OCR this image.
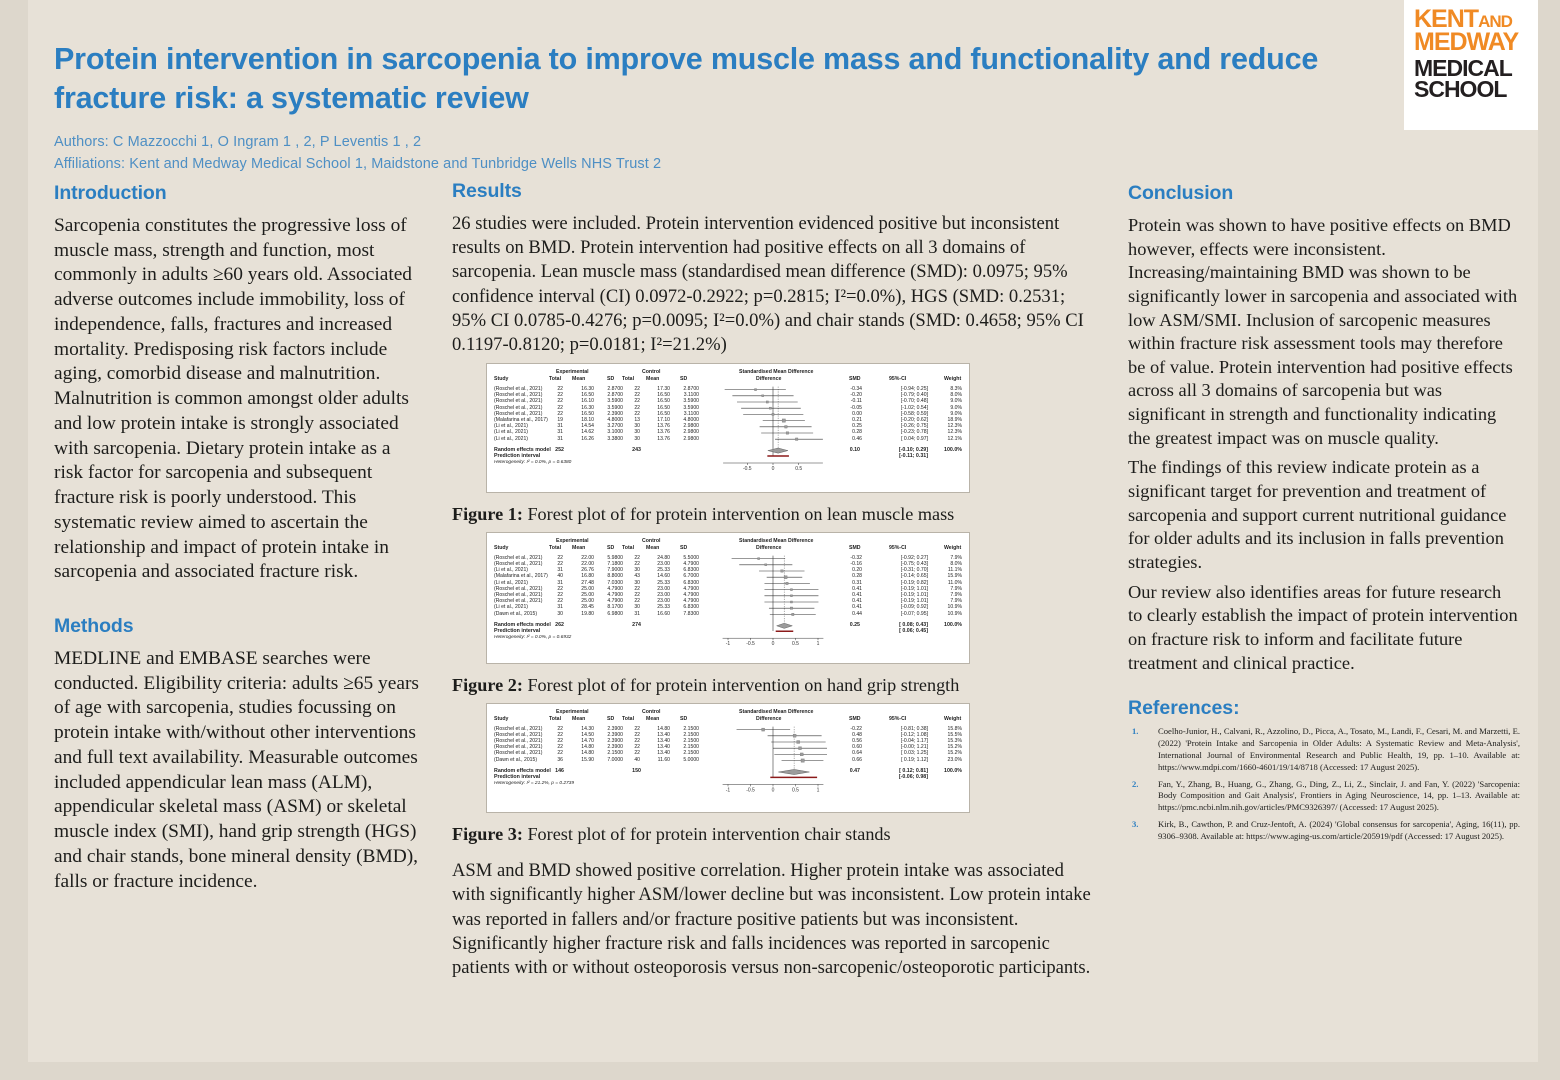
Protein intervention in sarcopenia to improve muscle mass and functionality and reduce fracture risk: a systematic review
Authors: C Mazzocchi 1, O Ingram 1 , 2, P Leventis 1 , 2
Affiliations: Kent and Medway Medical School 1, Maidstone and Tunbridge Wells NHS Trust 2
KENTAND
MEDWAY
MEDICAL
SCHOOL
Introduction

Sarcopenia constitutes the progressive loss of muscle mass, strength and function, most commonly in adults ≥60 years old. Associated adverse outcomes include immobility, loss of independence, falls, fractures and increased mortality. Predisposing risk factors include aging, comorbid disease and malnutrition. Malnutrition is common amongst older adults and low protein intake is strongly associated with sarcopenia. Dietary protein intake as a risk factor for sarcopenia and subsequent fracture risk is poorly understood. This systematic review aimed to ascertain the relationship and impact of protein intake in sarcopenia and associated fracture risk.

Methods

MEDLINE and EMBASE searches were conducted. Eligibility criteria: adults ≥65 years of age with sarcopenia, studies focussing on protein intake with/without other interventions and full text availability. Measurable outcomes included appendicular lean mass (ALM), appendicular skeletal mass (ASM) or skeletal muscle index (SMI), hand grip strength (HGS) and chair stands, bone mineral density (BMD), falls or fracture incidence.

Results

26 studies were included. Protein intervention evidenced positive but inconsistent results on BMD. Protein intervention had positive effects on all 3 domains of sarcopenia. Lean muscle mass (standardised mean difference (SMD): 0.0975; 95% confidence interval (CI) 0.0972-0.2922; p=0.2815; I²=0.0%), HGS (SMD: 0.2531; 95% CI 0.0785-0.4276; p=0.0095; I²=0.0%) and chair stands (SMD: 0.4658; 95% CI 0.1197-0.8120; p=0.0181; I²=21.2%)

Experimental	Control	Standardised Mean Difference
Study	Total Mean	SD Total Mean	SD	Difference	SMD	95%-CI	Weight
(Roschel et al., 2021)	22	16.30	2.8700	22	17.30	2.8700	-0.34	[-0.94; 0.25]	8.3%
(Roschel et al., 2021)	22	16.50	2.8700	22	16.50	3.1100	-0.20	[-0.79; 0.40]	8.0%
(Roschel et al., 2021)	22	16.10	3.5900	22	16.50	3.5900	-0.11	[-0.70; 0.48]	9.0%
(Roschel et al., 2021)	22	16.30	3.5900	22	16.50	3.5900	-0.05	[-1.02; 0.54]	9.0%
(Roschel et al., 2021)	22	16.50	2.3900	22	16.50	3.1100	0.00	[-0.58; 0.59]	9.0%
(Malafarina et al., 2017)	19	18.10	4.8000	13	17.10	4.8000	0.21	[-0.20; 0.62]	18.9%
(Li et al., 2021)	31	14.54	3.2700	30	13.76	2.9800	0.25	[-0.26; 0.75]	12.3%
(Li et al., 2021)	31	14.62	3.1000	30	13.76	2.9800	0.28	[-0.23; 0.78]	12.3%
(Li et al., 2021)	31	16.26	3.3800	30	13.76	2.9800	0.46	[ 0.04; 0.97]	12.1%
Random effects model 252	243	0.10	[-0.10; 0.29]	100.0%
Prediction interval	[-0.11; 0.31]
Heterogeneity: I² = 0.0%, p = 0.6380
-0.5	0	0.5

Figure 1: Forest plot of for protein intervention on lean muscle mass

Experimental	Control	Standardised Mean Difference
Study	Total Mean	SD Total Mean	SD	Difference	SMD	95%-CI	Weight
(Roschel et al., 2021)	22	22.00	5.9800	22	24.80	5.5000	-0.32	[-0.92; 0.27]	7.9%
(Roschel et al., 2021)	22	22.00	7.1800	22	23.00	4.7900	-0.16	[-0.75; 0.43]	8.0%
(Li et al., 2021)	31	26.76	7.9000	30	25.33	6.8300	0.20	[-0.31; 0.70]	11.1%
(Malafarina et al., 2017)	40	16.80	8.8000	43	14.60	6.7000	0.28	[-0.14; 0.65]	15.9%
(Li et al., 2021)	31	27.48	7.0300	30	25.33	6.8300	0.31	[-0.19; 0.82]	11.0%
(Roschel et al., 2021)	22	25.00	4.7900	22	23.00	4.7900	0.41	[-0.19; 1.01]	7.9%
(Roschel et al., 2021)	22	25.00	4.7900	22	23.00	4.7900	0.41	[-0.19; 1.01]	7.9%
(Roschel et al., 2021)	22	25.00	4.7900	22	23.00	4.7900	0.41	[-0.19; 1.01]	7.9%
(Li et al., 2021)	31	28.45	8.1700	30	25.33	6.8300	0.41	[-0.09; 0.92]	10.9%
(Dawn et al., 2015)	30	19.80	6.9800	31	16.60	7.8300	0.44	[-0.07; 0.95]	10.9%
Random effects model 262	274	0.25	[ 0.08; 0.43]	100.0%
Prediction interval	[ 0.06; 0.45]
Heterogeneity: I² = 0.0%, p = 0.6932
-1	-0.5	0	0.5	1

Figure 2: Forest plot of for protein intervention on hand grip strength

Experimental	Control	Standardised Mean Difference
Study	Total Mean	SD Total Mean	SD	Difference	SMD	95%-CI	Weight
(Roschel et al., 2021)	22	14.30	2.3900	22	14.80	2.1500	-0.22	[-0.81; 0.38]	15.8%
(Roschel et al., 2021)	22	14.50	2.3900	22	13.40	2.1500	0.48	[-0.12; 1.08]	15.5%
(Roschel et al., 2021)	22	14.70	2.3900	22	13.40	2.1500	0.56	[-0.04; 1.17]	15.3%
(Roschel et al., 2021)	22	14.80	2.3900	22	13.40	2.1500	0.60	[-0.00; 1.21]	15.2%
(Roschel et al., 2021)	22	14.80	2.1500	22	13.40	2.1500	0.64	[ 0.03; 1.25]	15.2%
(Dawn et al., 2015)	36	15.90	7.0000	40	11.60	5.0000	0.66	[ 0.19; 1.12]	23.0%
Random effects model 146	150	0.47	[ 0.12; 0.81]	100.0%
Prediction interval	[-0.06; 0.98]
Heterogeneity: I² = 21.2%, p = 0.2739
-1	-0.5	0	0.5	1

Figure 3: Forest plot of for protein intervention chair stands

ASM and BMD showed positive correlation. Higher protein intake was associated with significantly higher ASM/lower decline but was inconsistent. Low protein intake was reported in fallers and/or fracture positive patients but was inconsistent. Significantly higher fracture risk and falls incidences was reported in sarcopenic patients with or without osteoporosis versus non-sarcopenic/osteoporotic participants.

Conclusion

Protein was shown to have positive effects on BMD however, effects were inconsistent. Increasing/maintaining BMD was shown to be significantly lower in sarcopenia and associated with low ASM/SMI. Inclusion of sarcopenic measures within fracture risk assessment tools may therefore be of value. Protein intervention had positive effects across all 3 domains of sarcopenia but was significant in strength and functionality indicating the greatest impact was on muscle quality.

The findings of this review indicate protein as a significant target for prevention and treatment of sarcopenia and support current nutritional guidance for older adults and its inclusion in falls prevention strategies.

Our review also identifies areas for future research to clearly establish the impact of protein intervention on fracture risk to inform and facilitate future treatment and clinical practice.

References:
1. Coelho-Junior, H., Calvani, R., Azzolino, D., Picca, A., Tosato, M., Landi, F., Cesari, M. and Marzetti, E. (2022) 'Protein Intake and Sarcopenia in Older Adults: A Systematic Review and Meta-Analysis', International Journal of Environmental Research and Public Health, 19, pp. 1–10. Available at: https://www.mdpi.com/1660-4601/19/14/8718 (Accessed: 17 August 2025).
2. Fan, Y., Zhang, B., Huang, G., Zhang, G., Ding, Z., Li, Z., Sinclair, J. and Fan, Y. (2022) 'Sarcopenia: Body Composition and Gait Analysis', Frontiers in Aging Neuroscience, 14, pp. 1–13. Available at: https://pmc.ncbi.nlm.nih.gov/articles/PMC9326397/ (Accessed: 17 August 2025).
3. Kirk, B., Cawthon, P. and Cruz-Jentoft, A. (2024) 'Global consensus for sarcopenia', Aging, 16(11), pp. 9306–9308. Available at: https://www.aging-us.com/article/205919/pdf (Accessed: 17 August 2025).
